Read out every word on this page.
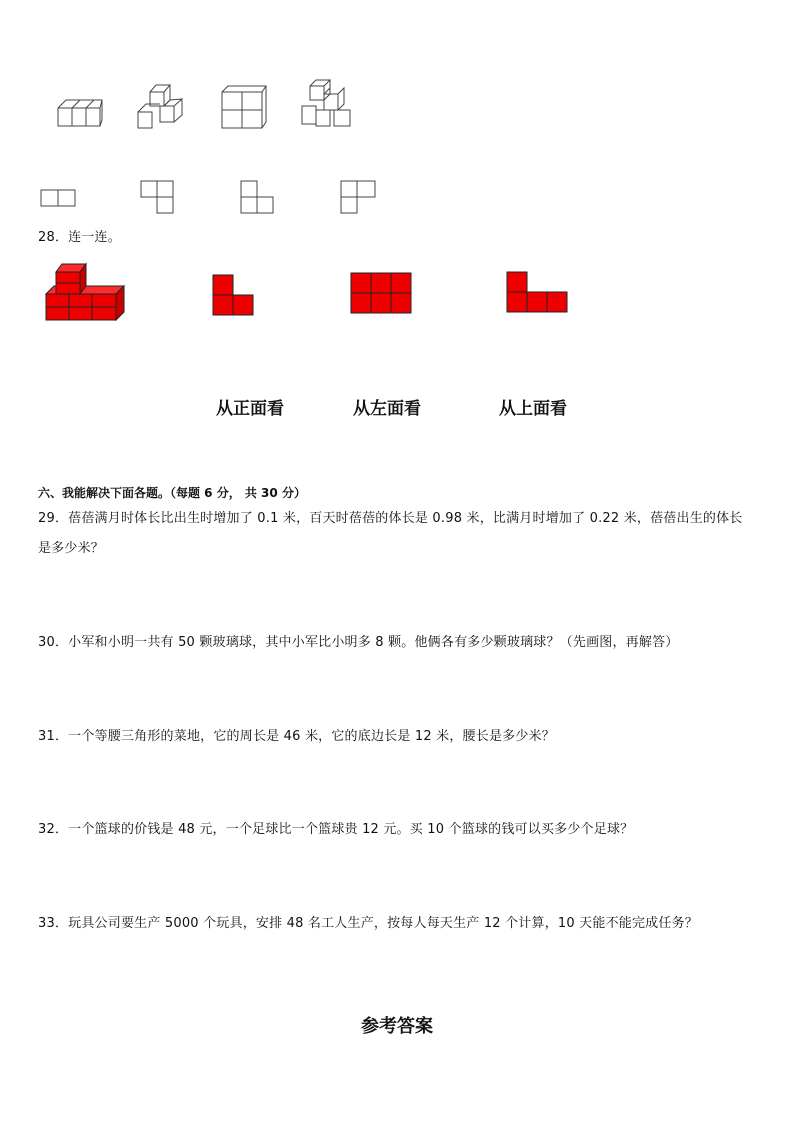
28．连一连。
从正面看	从左面看	从上面看
六、我能解决下面各题。（每题 6 分， 共 30 分）
29．蓓蓓满月时体长比出生时增加了 0.1 米，百天时蓓蓓的体长是 0.98 米，比满月时增加了 0.22 米，蓓蓓出生的体长
是多少米？
30．小军和小明一共有 50 颗玻璃球，其中小军比小明多 8 颗。他俩各有多少颗玻璃球？（先画图，再解答）
31．一个等腰三角形的菜地，它的周长是 46 米，它的底边长是 12 米，腰长是多少米？
32．一个篮球的价钱是 48 元，一个足球比一个篮球贵 12 元。买 10 个篮球的钱可以买多少个足球？
33．玩具公司要生产 5000 个玩具，安排 48 名工人生产，按每人每天生产 12 个计算，10 天能不能完成任务？
参考答案
